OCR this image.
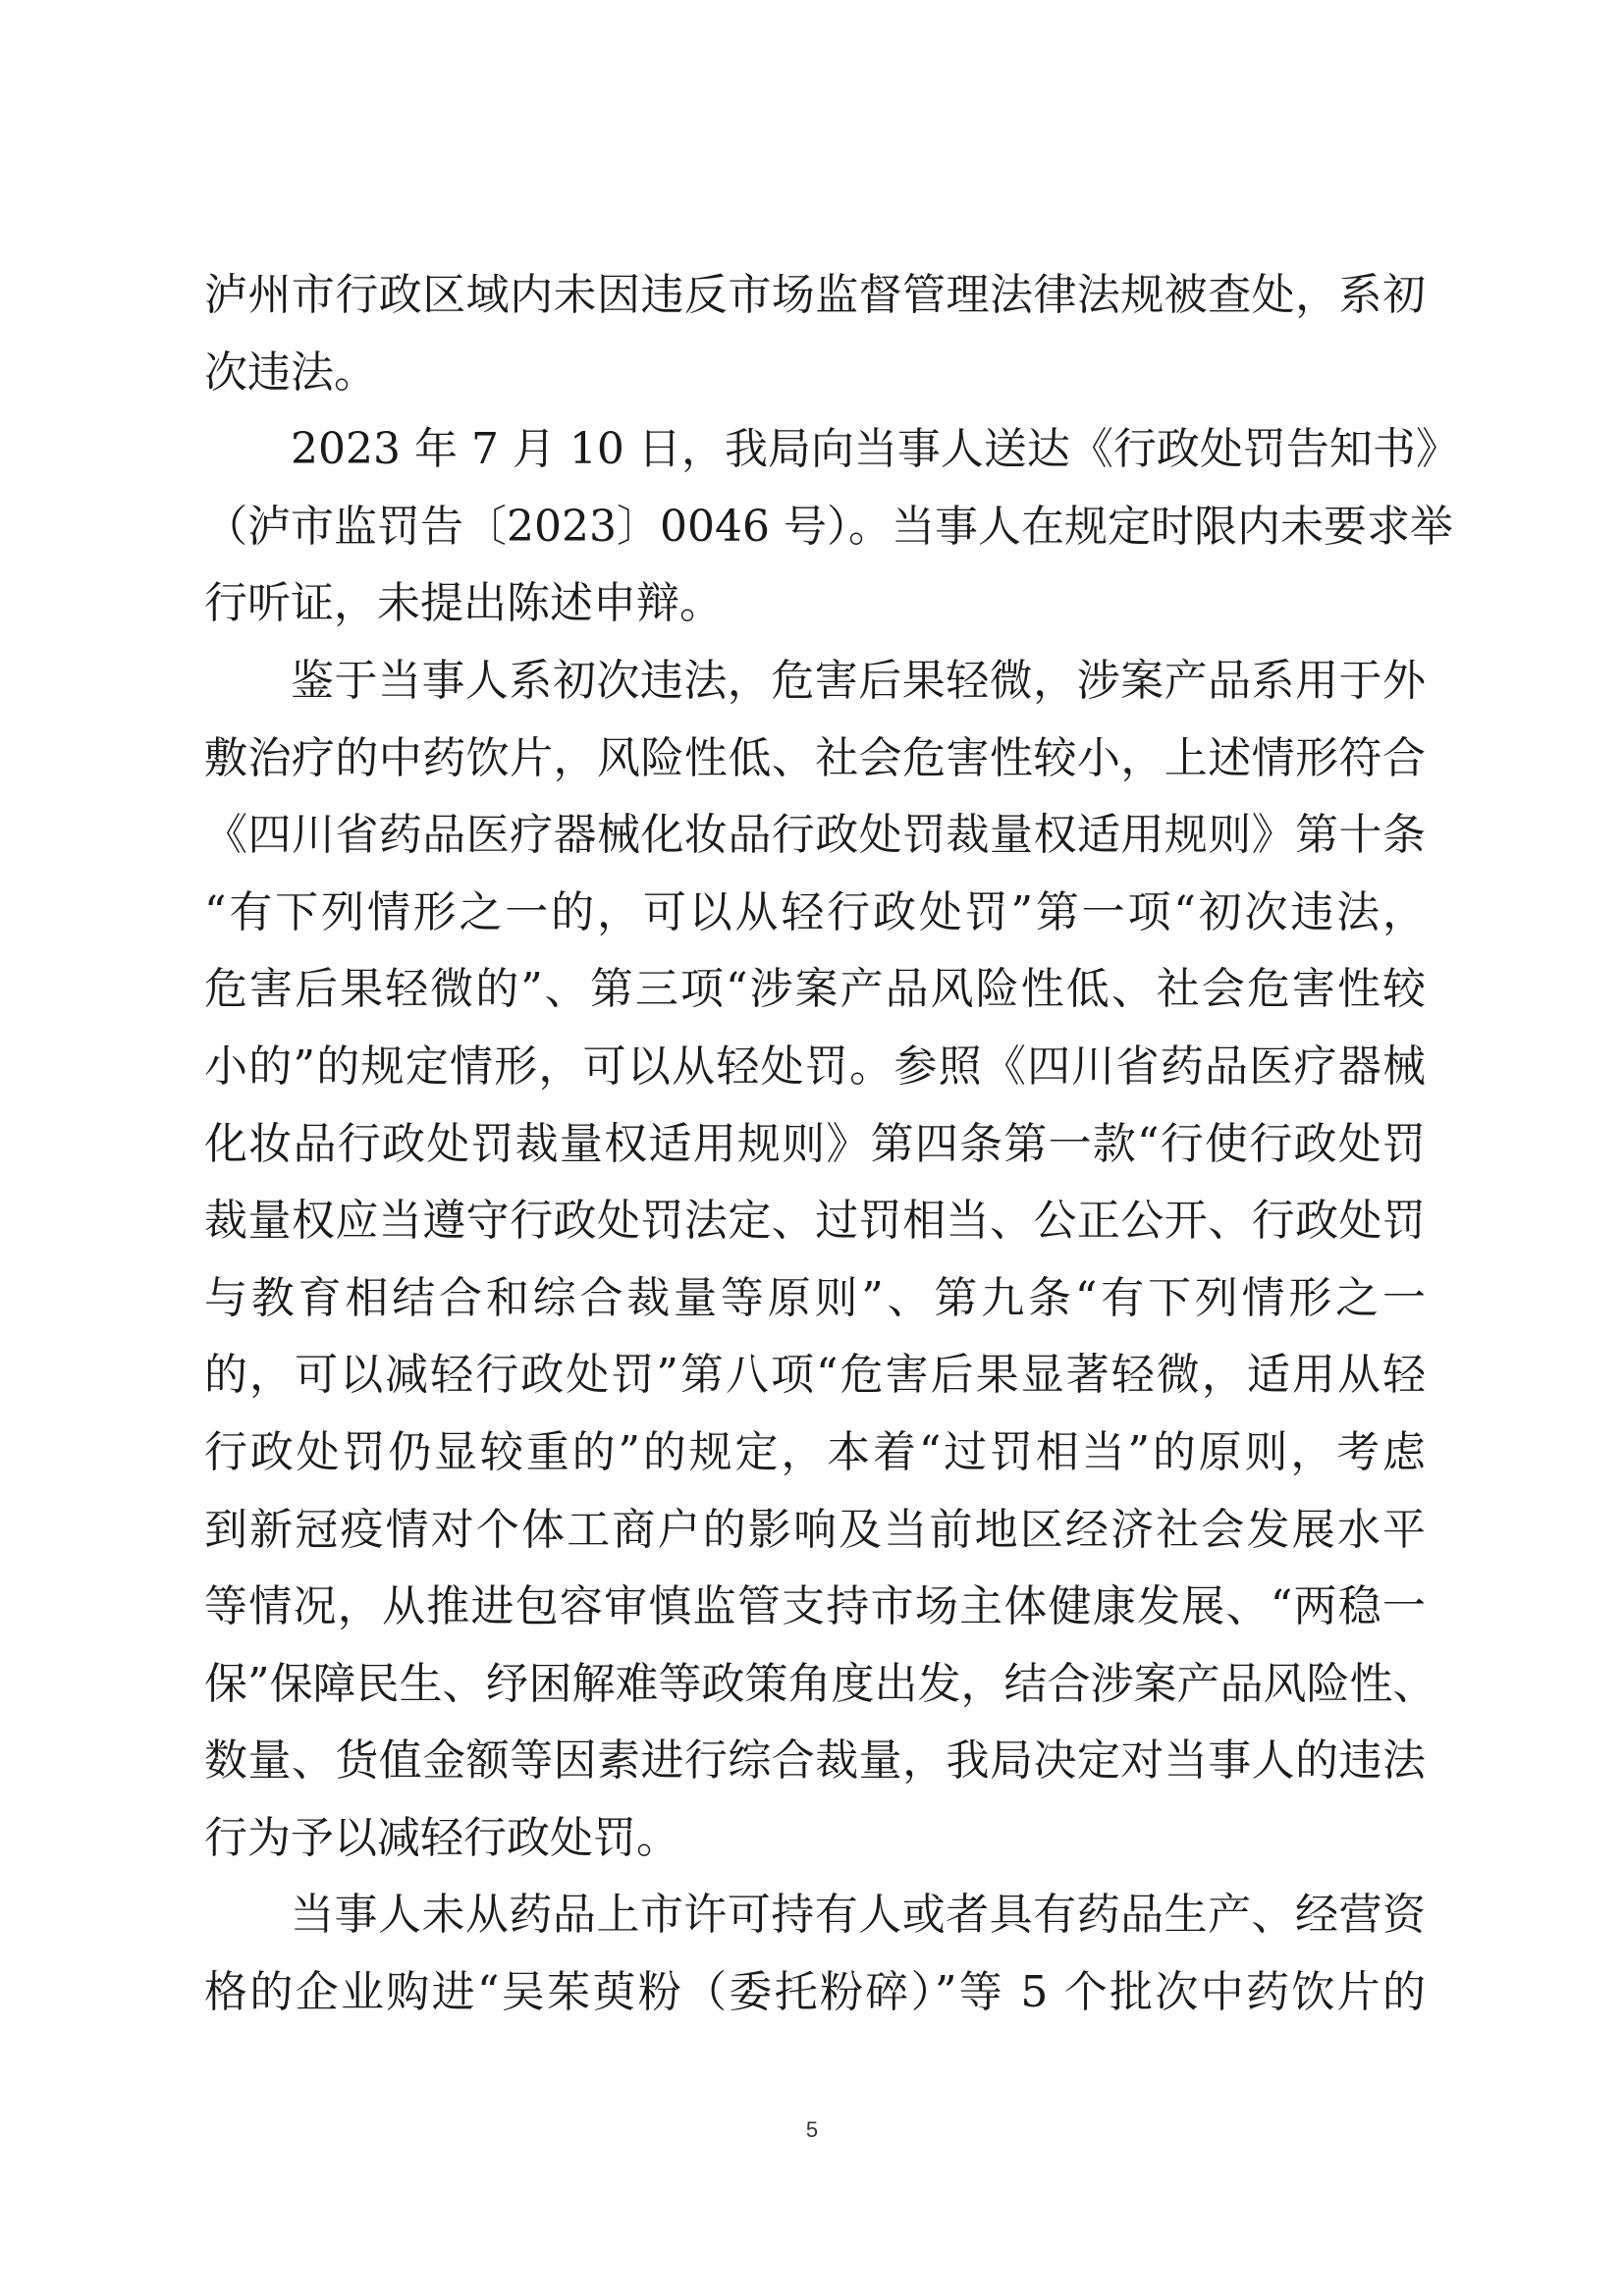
泸州市行政区域内未因违反市场监督管理法律法规被查处，系初
次违法。
2023 年 7 月 10 日，我局向当事人送达《行政处罚告知书》
（泸市监罚告〔2023〕0046 号）。当事人在规定时限内未要求举
行听证，未提出陈述申辩。
鉴于当事人系初次违法，危害后果轻微，涉案产品系用于外
敷治疗的中药饮片，风险性低、社会危害性较小，上述情形符合
《四川省药品医疗器械化妆品行政处罚裁量权适用规则》第十条
“有下列情形之一的，可以从轻行政处罚”第一项“初次违法，
危害后果轻微的”、第三项“涉案产品风险性低、社会危害性较
小的”的规定情形，可以从轻处罚。参照《四川省药品医疗器械
化妆品行政处罚裁量权适用规则》第四条第一款“行使行政处罚
裁量权应当遵守行政处罚法定、过罚相当、公正公开、行政处罚
与教育相结合和综合裁量等原则”、第九条“有下列情形之一
的，可以减轻行政处罚”第八项“危害后果显著轻微，适用从轻
行政处罚仍显较重的”的规定，本着“过罚相当”的原则，考虑
到新冠疫情对个体工商户的影响及当前地区经济社会发展水平
等情况，从推进包容审慎监管支持市场主体健康发展、“两稳一
保”保障民生、纾困解难等政策角度出发，结合涉案产品风险性、
数量、货值金额等因素进行综合裁量，我局决定对当事人的违法
行为予以减轻行政处罚。
当事人未从药品上市许可持有人或者具有药品生产、经营资
格的企业购进“吴茱萸粉（委托粉碎）”等 5 个批次中药饮片的
5
